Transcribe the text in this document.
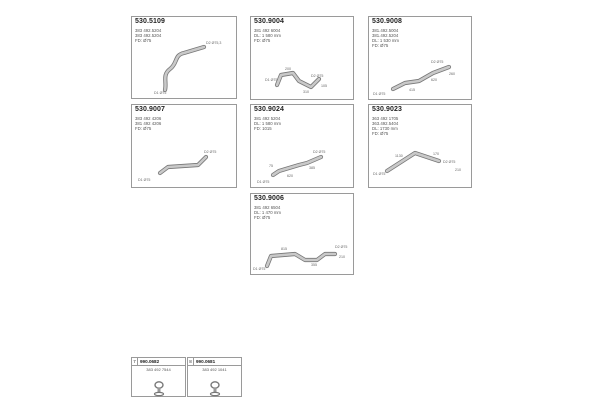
530.5109
383 492.5204
383 492.5204
FD: Ø75	D2 Ø75,3
D1 Ø75
530.9004
381 492 6004
DL: 1 580 mm
FD: Ø75
D1 Ø75
D2 Ø75
200
310
105
530.9008
381.492.5004
381.492.5204
DL: 1 530 mm
FD: Ø75
D2 Ø75
D1 Ø75
415
620
260
530.9007
383 492 4206
381 492 4206
FD: Ø75
D2 Ø75
D1 Ø75
530.9024
381 492 5204
DL: 1 580 mm
FD: 1015
D2 Ø75
D1 Ø75
620
385
75
530.9023
363 492 1705
363.492.5404
DL: 1730 mm
FD: Ø75
D1 Ø75
D2 Ø75
170
1130
210
530.9006
381 492 6504
DL: 1 470 mm
FD: Ø75
D1 Ø75
D2 Ø75
815
355
210
7 990.0682
383 492 7544
8 990.0681
383 492 1041
